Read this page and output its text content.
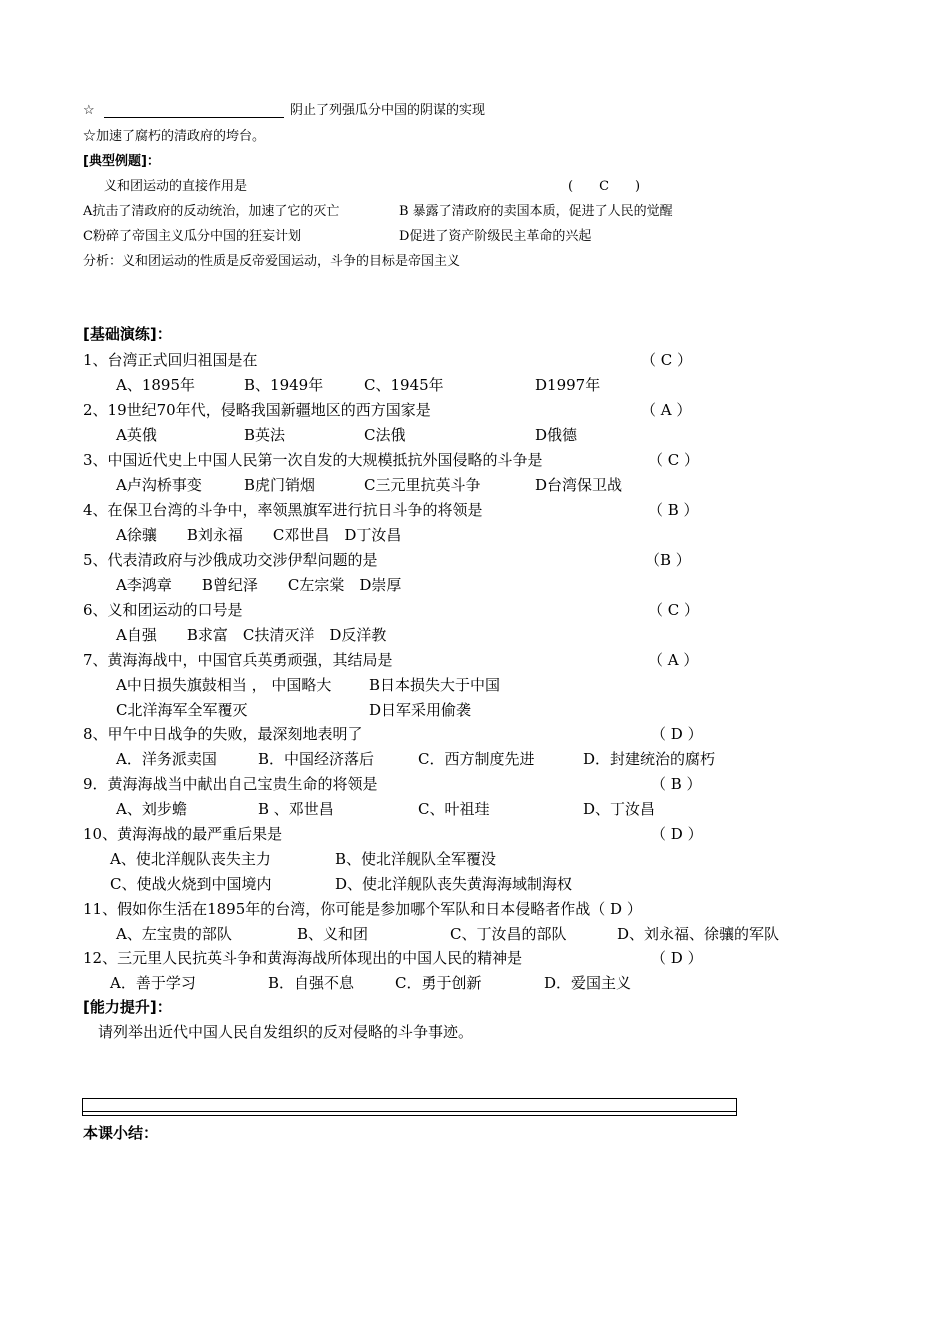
☆	阴止了列强瓜分中国的阴谋的实现
☆加速了腐朽的清政府的垮台。
[典型例题]：
义和团运动的直接作用是	(　　C　　)
A抗击了清政府的反动统治，加速了它的灭亡	B 暴露了清政府的卖国本质，促进了人民的觉醒
C粉碎了帝国主义瓜分中国的狂妄计划	D促进了资产阶级民主革命的兴起
分析：义和团运动的性质是反帝爱国运动，斗争的目标是帝国主义
[基础演练]：
1、台湾正式回归祖国是在	（ C ）
A、1895年	B、1949年	C、1945年	D1997年
2、19世纪70年代，侵略我国新疆地区的西方国家是	（ A ）
A英俄	B英法	C法俄	D俄德
3、中国近代史上中国人民第一次自发的大规模抵抗外国侵略的斗争是	（ C ）
A卢沟桥事变	B虎门销烟	C三元里抗英斗争	D台湾保卫战
4、在保卫台湾的斗争中，率领黑旗军进行抗日斗争的将领是	（ B ）
A徐骧　　B刘永福　　C邓世昌　D丁汝昌
5、代表清政府与沙俄成功交涉伊犁问题的是	（B ）
A李鸿章　　B曾纪泽　　C左宗棠　D崇厚
6、义和团运动的口号是	（ C ）
A自强　　B求富　C扶清灭洋　D反洋教
7、黄海海战中，中国官兵英勇顽强，其结局是	（ A ）
A中日损失旗鼓相当 ， 中国略大	B日本损失大于中国
C北洋海军全军覆灭	D日军采用偷袭
8、甲午中日战争的失败，最深刻地表明了	（ D ）
A．洋务派卖国	B．中国经济落后	C．西方制度先进	D．封建统治的腐朽
9．黄海海战当中献出自己宝贵生命的将领是	（ B ）
A、刘步蟾	B 、邓世昌	C、叶祖珪	D、丁汝昌
10、黄海海战的最严重后果是	（ D ）
A、使北洋舰队丧失主力	B、使北洋舰队全军覆没
C、使战火烧到中国境内	D、使北洋舰队丧失黄海海域制海权
11、假如你生活在1895年的台湾，你可能是参加哪个军队和日本侵略者作战（ D ）
A、左宝贵的部队	B、义和团	C、丁汝昌的部队	D、刘永福、徐骧的军队
12、三元里人民抗英斗争和黄海海战所体现出的中国人民的精神是	（ D ）
A．善于学习	B．自强不息	C．勇于创新	D．爱国主义
[能力提升]：
请列举出近代中国人民自发组织的反对侵略的斗争事迹。
本课小结：
